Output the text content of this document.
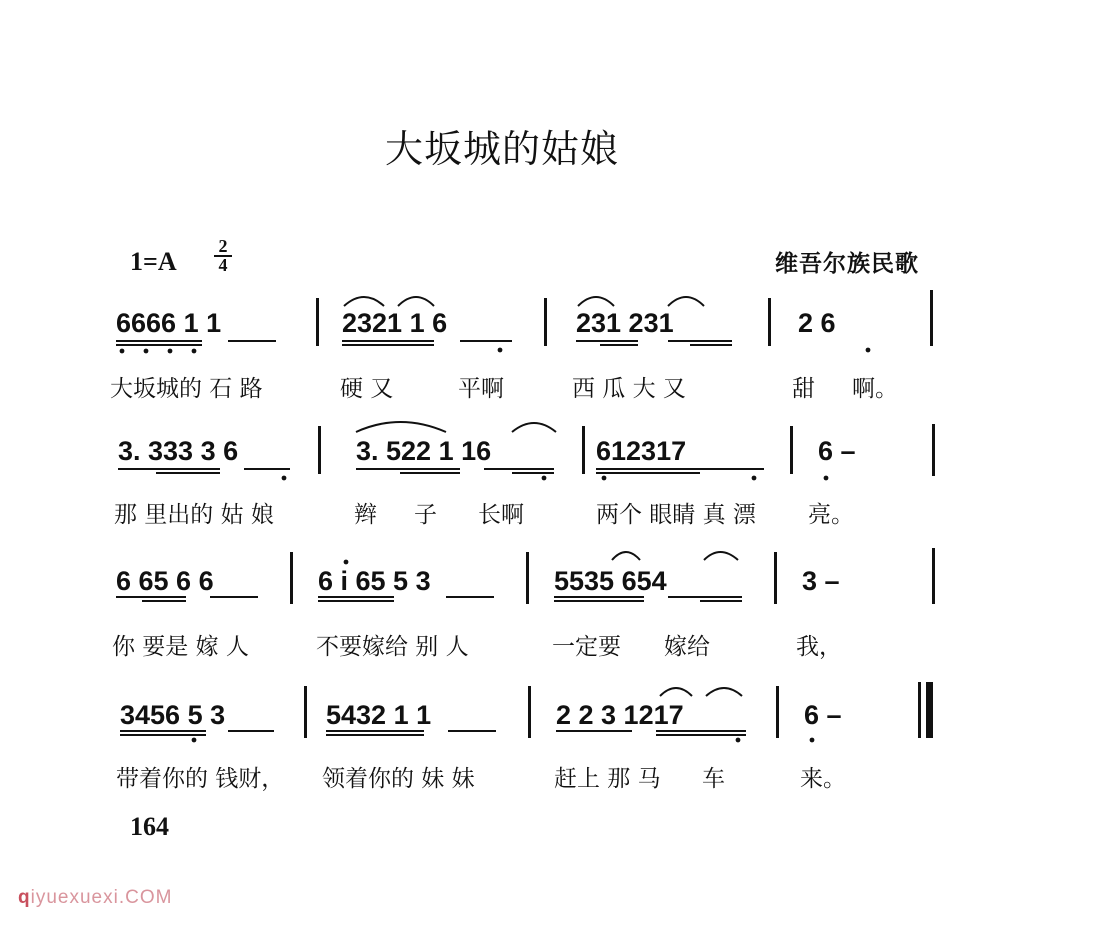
大坂城的姑娘
1=A
2
4	维吾尔族民歌
6666 1 1	2321 1 6	231 231	2 6
大坂城的 石 路	硬 又	平啊	西 瓜 大 又	甜 啊。
3. 333 3 6	3. 522 1 16	612317	6 –
那 里出的 姑 娘	辫 子 长啊	两个 眼睛 真 漂 亮。
6 65 6 6	6 i 65 5 3	5535 654	3 –
你 要是 嫁 人	不要嫁给 别 人	一定要 嫁给	我，
3456 5 3	5432 1 1	2 2 3 1217	6 –
带着你的 钱财， 领着你的 妹 妹	赶上 那 马 车	来。
164
qiyuexuexi.COM
